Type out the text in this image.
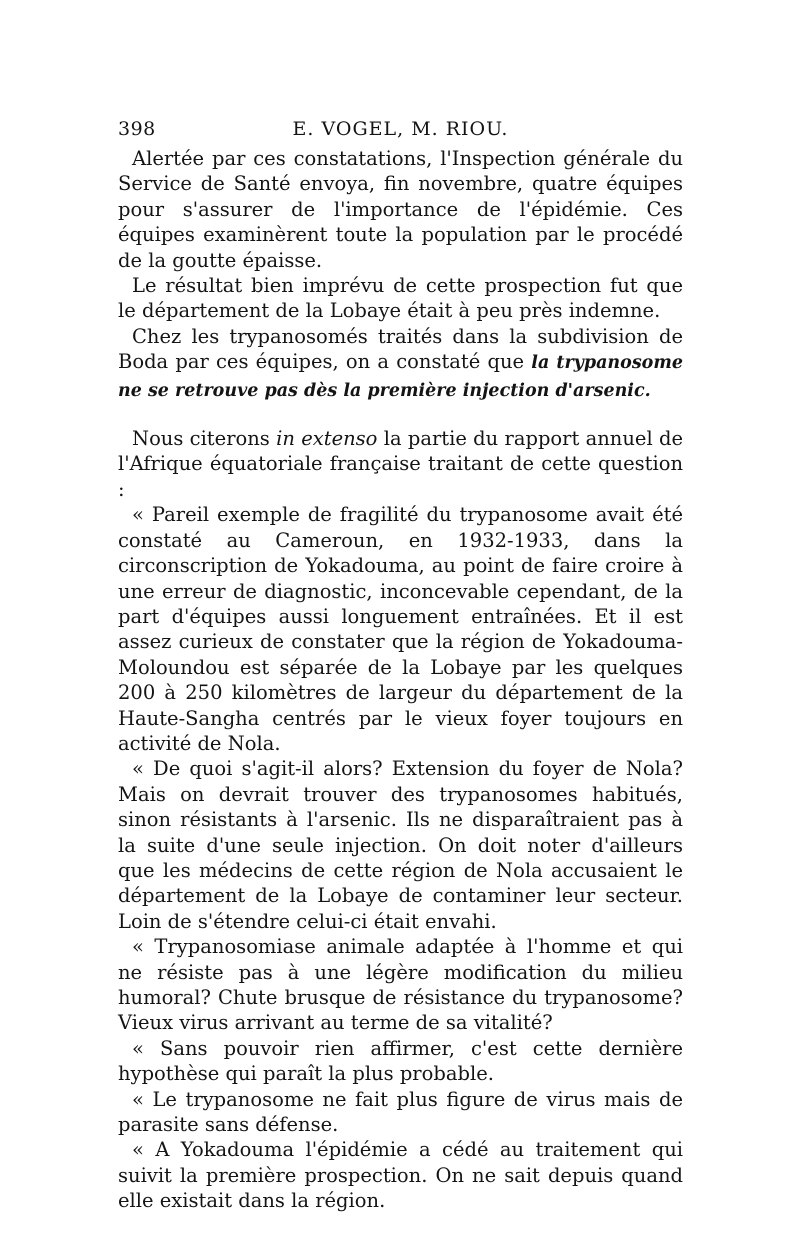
398	E. VOGEL, M. RIOU.

Alertée par ces constatations, l'Inspection générale du Service de Santé envoya, fin novembre, quatre équipes pour s'assurer de l'importance de l'épidémie. Ces équipes examinèrent toute la population par le procédé de la goutte épaisse.

Le résultat bien imprévu de cette prospection fut que le département de la Lobaye était à peu près indemne.

Chez les trypanosomés traités dans la subdivision de Boda par ces équipes, on a constaté que la trypanosome ne se retrouve pas dès la première injection d'arsenic.

Nous citerons in extenso la partie du rapport annuel de l'Afrique équatoriale française traitant de cette question :

« Pareil exemple de fragilité du trypanosome avait été constaté au Cameroun, en 1932-1933, dans la circonscription de Yokadouma, au point de faire croire à une erreur de diagnostic, inconcevable cependant, de la part d'équipes aussi longuement entraînées. Et il est assez curieux de constater que la région de Yokadouma-Moloundou est séparée de la Lobaye par les quelques 200 à 250 kilomètres de largeur du département de la Haute-Sangha centrés par le vieux foyer toujours en activité de Nola.

« De quoi s'agit-il alors? Extension du foyer de Nola? Mais on devrait trouver des trypanosomes habitués, sinon résistants à l'arsenic. Ils ne disparaîtraient pas à la suite d'une seule injection. On doit noter d'ailleurs que les médecins de cette région de Nola accusaient le département de la Lobaye de contaminer leur secteur. Loin de s'étendre celui-ci était envahi.

« Trypanosomiase animale adaptée à l'homme et qui ne résiste pas à une légère modification du milieu humoral? Chute brusque de résistance du trypanosome? Vieux virus arrivant au terme de sa vitalité?

« Sans pouvoir rien affirmer, c'est cette dernière hypothèse qui paraît la plus probable.

« Le trypanosome ne fait plus figure de virus mais de parasite sans défense.

« A Yokadouma l'épidémie a cédé au traitement qui suivit la première prospection. On ne sait depuis quand elle existait dans la région.
